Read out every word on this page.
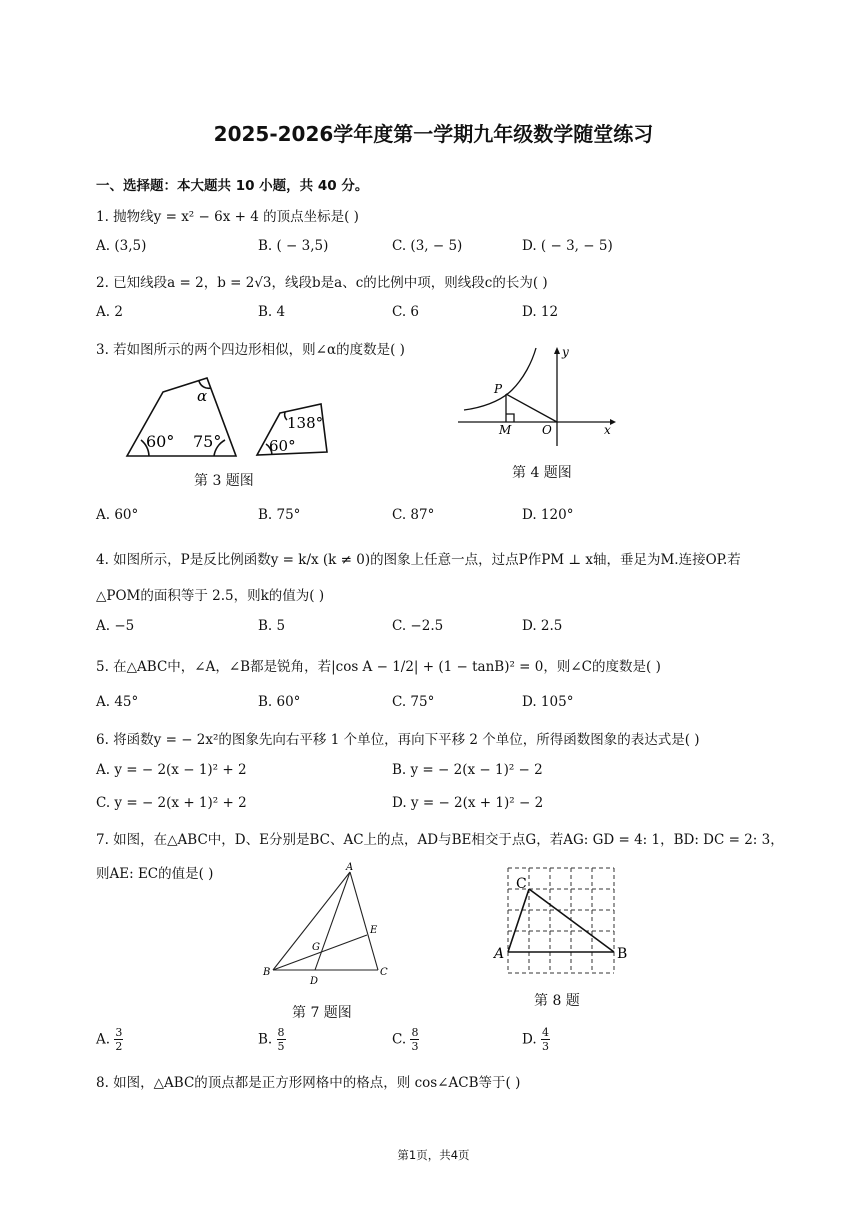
2025-2026学年度第一学期九年级数学随堂练习
一、选择题：本大题共 10 小题，共 40 分。
1. 抛物线y = x² − 6x + 4 的顶点坐标是( )
A. (3,5)	B. ( − 3,5)	C. (3, − 5)	D. ( − 3, − 5)
2. 已知线段a = 2，b = 2√3，线段b是a、c的比例中项，则线段c的长为( )
A. 2	B. 4	C. 6	D. 12
3. 若如图所示的两个四边形相似，则∠α的度数是( )
α
60° 75°
138°
60°
第 3 题图
P
M	O	x
y
第 4 题图
A. 60°	B. 75°	C. 87°	D. 120°
4. 如图所示，P是反比例函数y = k/x (k ≠ 0)的图象上任意一点，过点P作PM ⊥ x轴，垂足为M.连接OP.若
△POM的面积等于 2.5，则k的值为( )
A. −5	B. 5	C. −2.5	D. 2.5
5. 在△ABC中，∠A，∠B都是锐角，若|cos A − 1/2| + (1 − tanB)² = 0，则∠C的度数是( )
A. 45°	B. 60°	C. 75°	D. 105°
6. 将函数y = − 2x²的图象先向右平移 1 个单位，再向下平移 2 个单位，所得函数图象的表达式是( )
A. y = − 2(x − 1)² + 2	B. y = − 2(x − 1)² − 2
C. y = − 2(x + 1)² + 2	D. y = − 2(x + 1)² − 2
7. 如图，在△ABC中，D、E分别是BC、AC上的点，AD与BE相交于点G，若AG: GD = 4: 1，BD: DC = 2: 3，
则AE: EC的值是( )	A
B	C
D
E
G
第 7 题图
C
A	B
第 8 题
A. $\frac{3}{2}$	B. $\frac{8}{5}$	C. $\frac{8}{3}$	D. $\frac{4}{3}$
8. 如图，△ABC的顶点都是正方形网格中的格点，则 cos∠ACB等于( )
第1页，共4页
